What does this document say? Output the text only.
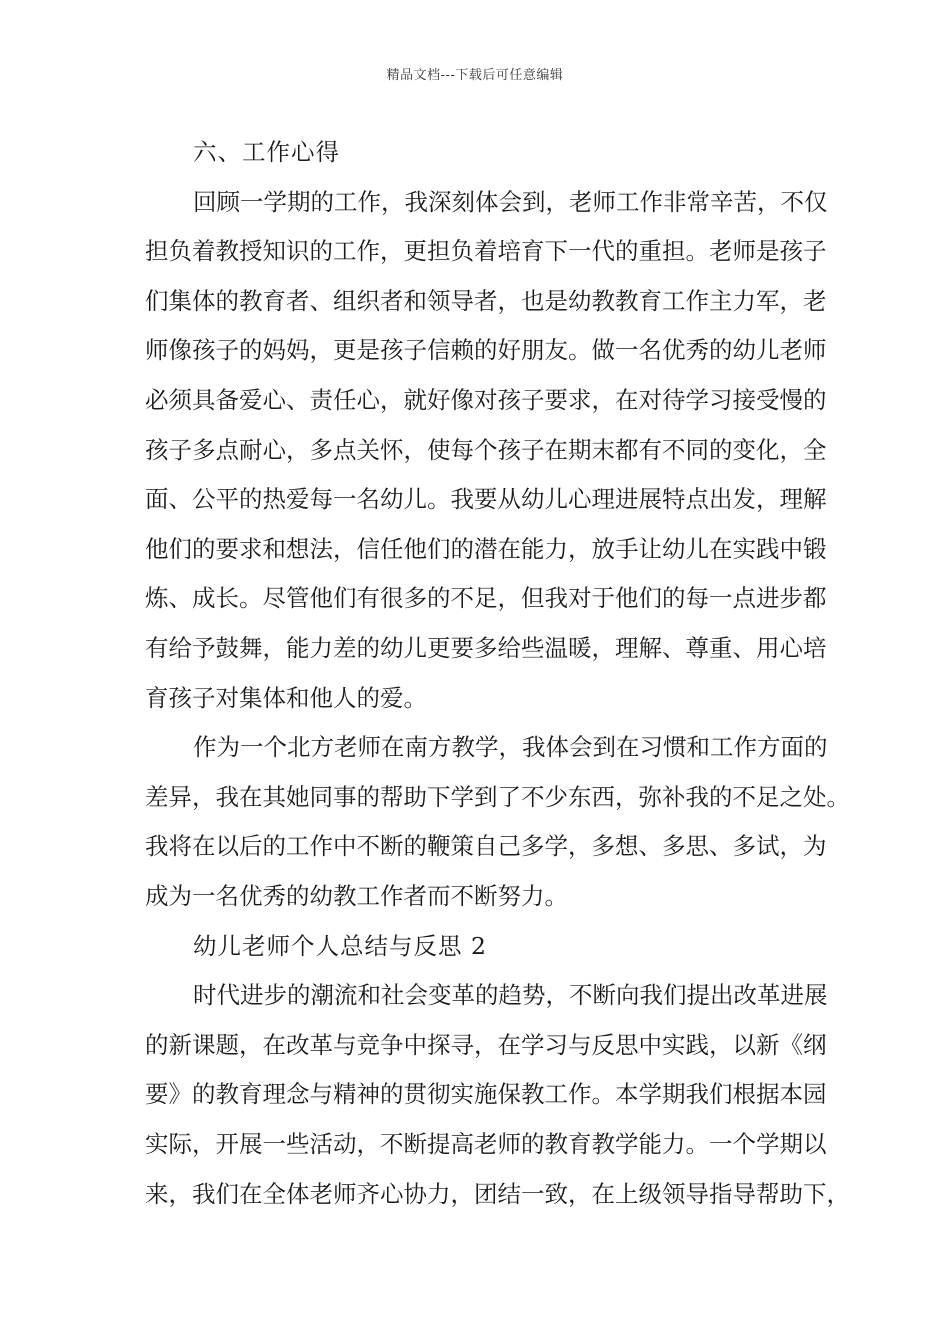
精品文档---下载后可任意编辑
六、工作心得
回顾一学期的工作，我深刻体会到，老师工作非常辛苦，不仅
担负着教授知识的工作，更担负着培育下一代的重担。老师是孩子
们集体的教育者、组织者和领导者，也是幼教教育工作主力军，老
师像孩子的妈妈，更是孩子信赖的好朋友。做一名优秀的幼儿老师
必须具备爱心、责任心，就好像对孩子要求，在对待学习接受慢的
孩子多点耐心，多点关怀，使每个孩子在期末都有不同的变化，全
面、公平的热爱每一名幼儿。我要从幼儿心理进展特点出发，理解
他们的要求和想法，信任他们的潜在能力，放手让幼儿在实践中锻
炼、成长。尽管他们有很多的不足，但我对于他们的每一点进步都
有给予鼓舞，能力差的幼儿更要多给些温暖，理解、尊重、用心培
育孩子对集体和他人的爱。
作为一个北方老师在南方教学，我体会到在习惯和工作方面的
差异，我在其她同事的帮助下学到了不少东西，弥补我的不足之处。
我将在以后的工作中不断的鞭策自己多学，多想、多思、多试，为
成为一名优秀的幼教工作者而不断努力。
幼儿老师个人总结与反思 2
时代进步的潮流和社会变革的趋势，不断向我们提出改革进展
的新课题，在改革与竞争中探寻，在学习与反思中实践，以新《纲
要》的教育理念与精神的贯彻实施保教工作。本学期我们根据本园
实际，开展一些活动，不断提高老师的教育教学能力。一个学期以
来，我们在全体老师齐心协力，团结一致，在上级领导指导帮助下，
